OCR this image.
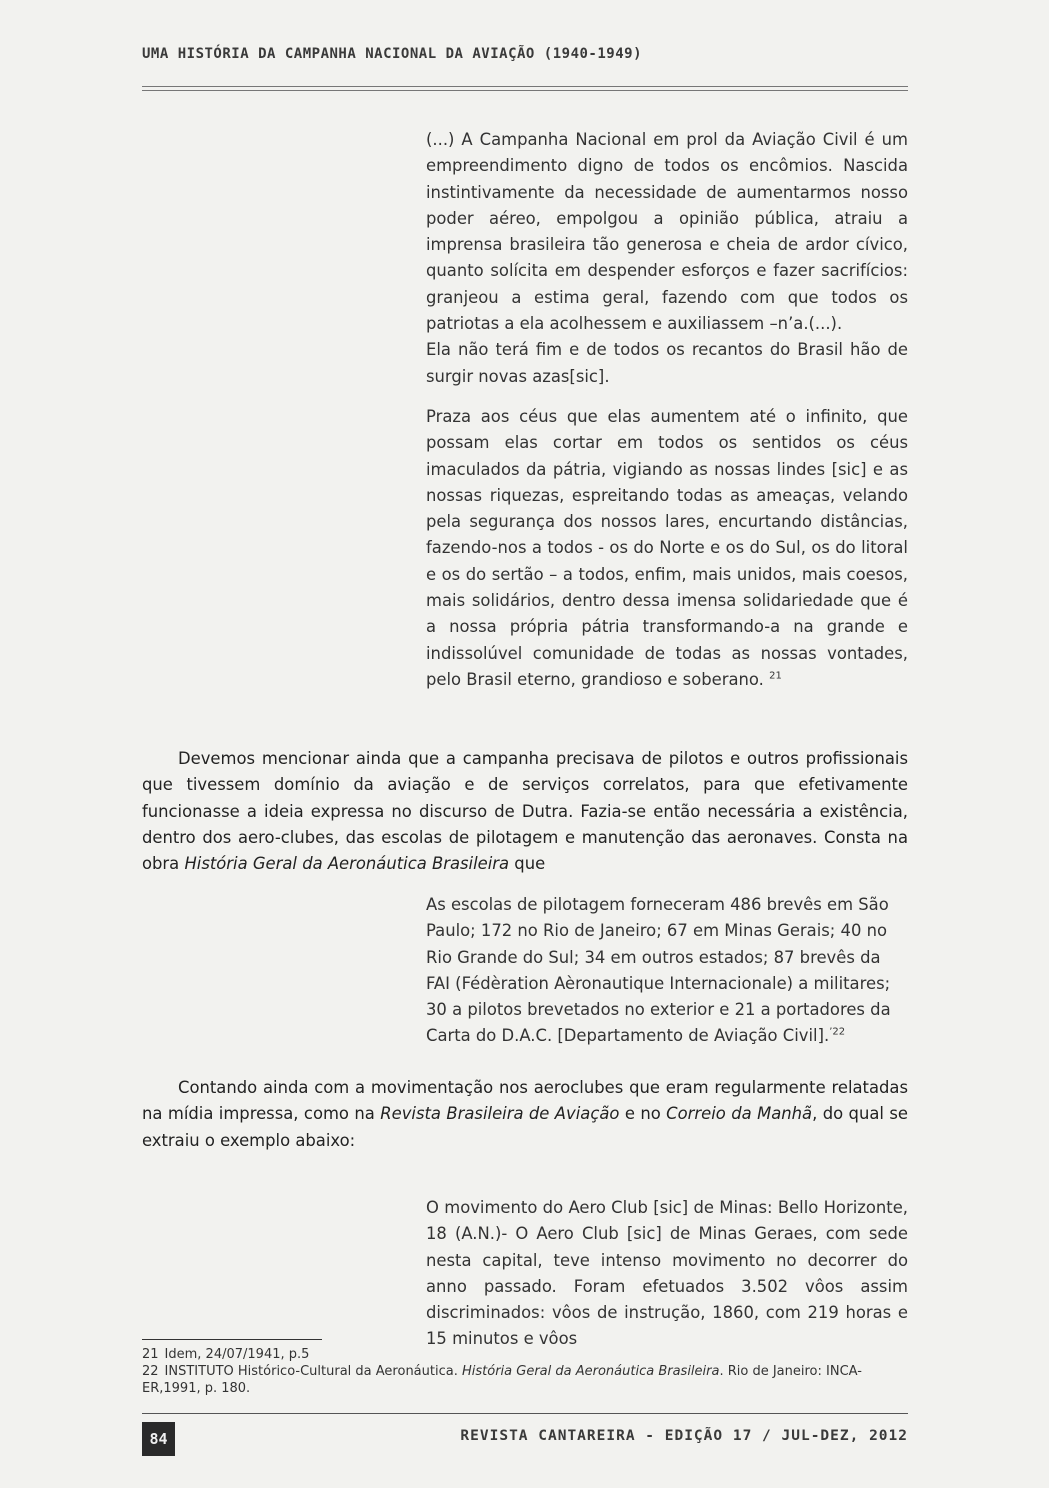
UMA HISTÓRIA DA CAMPANHA NACIONAL DA AVIAÇÃO (1940-1949)

(...) A Campanha Nacional em prol da Aviação Civil é um empreendimento digno de todos os encômios. Nascida instintivamente da necessidade de aumentarmos nosso poder aéreo, empolgou a opinião pública, atraiu a imprensa brasileira tão generosa e cheia de ardor cívico, quanto solícita em despender esforços e fazer sacrifícios: granjeou a estima geral, fazendo com que todos os patriotas a ela acolhessem e auxiliassem –n’a.(...).

Ela não terá fim e de todos os recantos do Brasil hão de surgir novas azas[sic].

Praza aos céus que elas aumentem até o infinito, que possam elas cortar em todos os sentidos os céus imaculados da pátria, vigiando as nossas lindes [sic] e as nossas riquezas, espreitando todas as ameaças, velando pela segurança dos nossos lares, encurtando distâncias, fazendo-nos a todos - os do Norte e os do Sul, os do litoral e os do sertão – a todos, enfim, mais unidos, mais coesos, mais solidários, dentro dessa imensa solidariedade que é a nossa própria pátria transformando-a na grande e indissolúvel comunidade de todas as nossas vontades, pelo Brasil eterno, grandioso e soberano. $^{21}$

Devemos mencionar ainda que a campanha precisava de pilotos e outros profissionais que tivessem domínio da aviação e de serviços correlatos, para que efetivamente funcionasse a ideia expressa no discurso de Dutra. Fazia-se então necessária a existência, dentro dos aero-clubes, das escolas de pilotagem e manutenção das aeronaves. Consta na obra História Geral da Aeronáutica Brasileira que

As escolas de pilotagem forneceram 486 brevês em São Paulo; 172 no Rio de Janeiro; 67 em Minas Gerais; 40 no Rio Grande do Sul; 34 em outros estados; 87 brevês da FAI (Fédèration Aèronautique Internacionale) a militares; 30 a pilotos brevetados no exterior e 21 a portadores da Carta do D.A.C. [Departamento de Aviação Civil].$^{’22}$

Contando ainda com a movimentação nos aeroclubes que eram regularmente relatadas na mídia impressa, como na Revista Brasileira de Aviação e no Correio da Manhã, do qual se extraiu o exemplo abaixo:

O movimento do Aero Club [sic] de Minas: Bello Horizonte, 18 (A.N.)- O Aero Club [sic] de Minas Geraes, com sede nesta capital, teve intenso movimento no decorrer do anno passado. Foram efetuados 3.502 vôos assim discriminados: vôos de instrução, 1860, com 219 horas e 15 minutos e vôos

21 Idem, 24/07/1941, p.5
22 INSTITUTO Histórico-Cultural da Aeronáutica. História Geral da Aeronáutica Brasileira. Rio de Janeiro: INCA-ER,1991, p. 180.
84	REVISTA CANTAREIRA - EDIÇÃO 17 / JUL-DEZ, 2012
